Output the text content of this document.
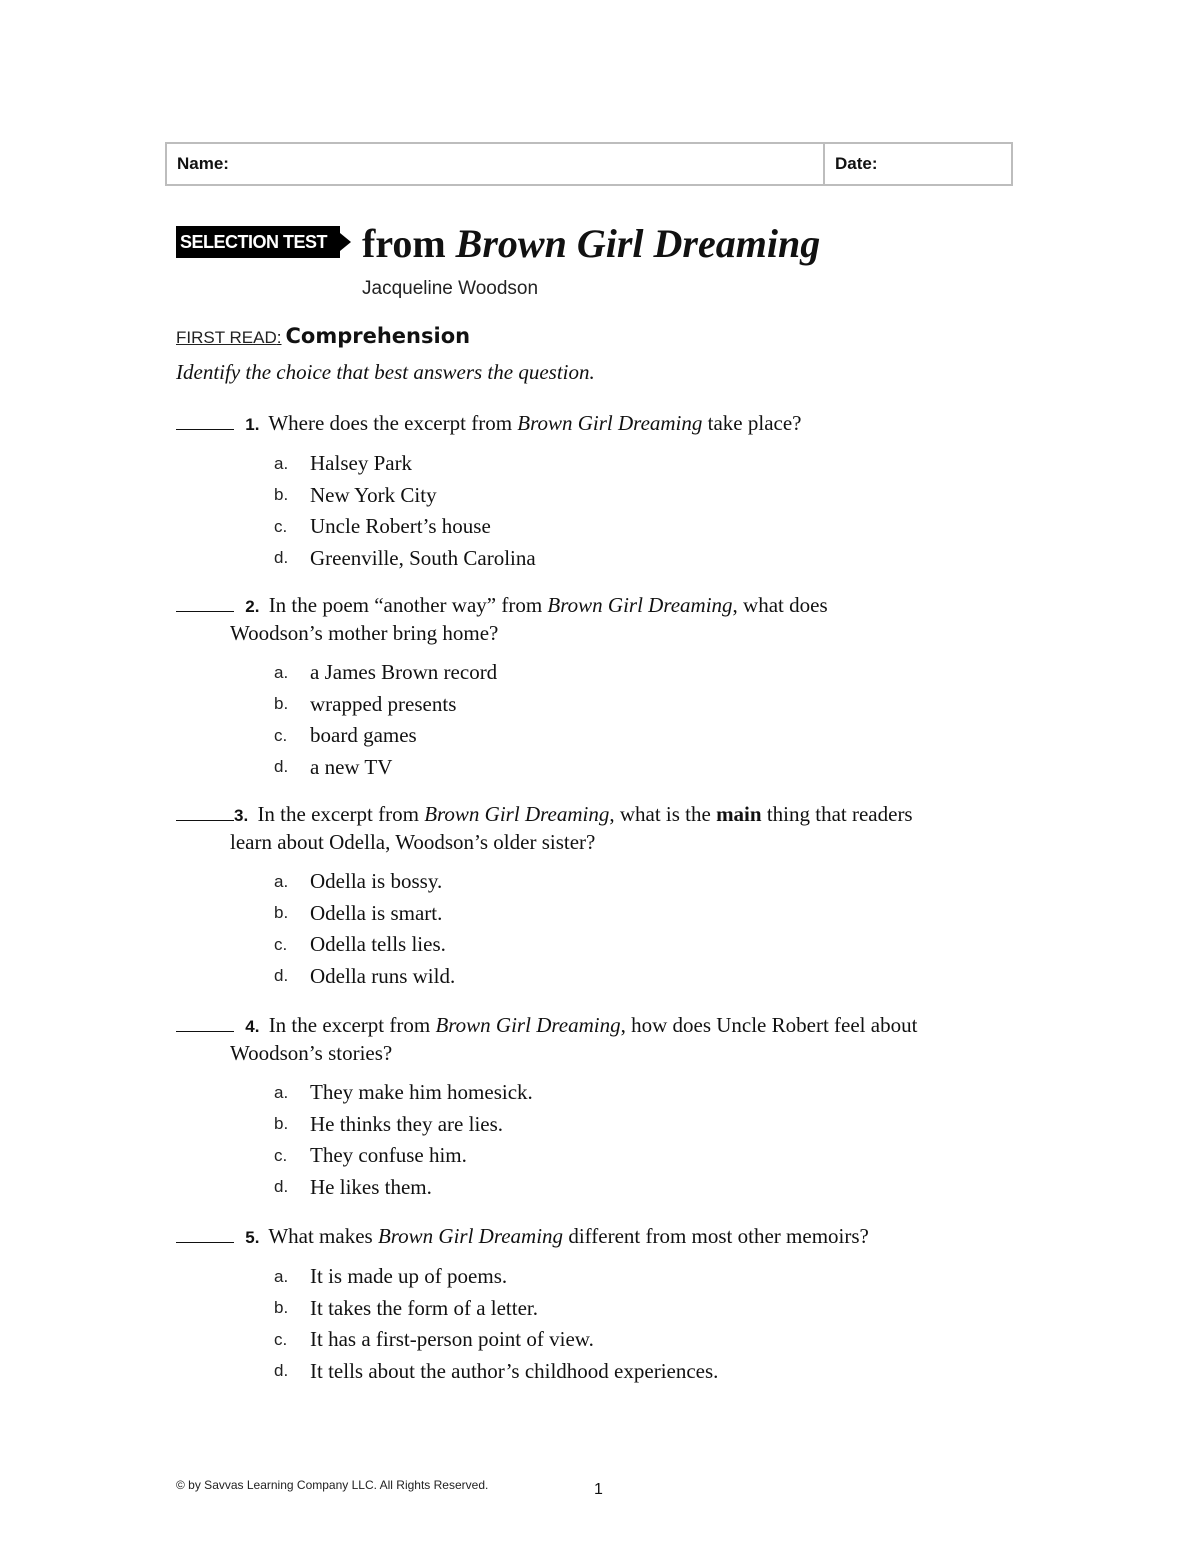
Name:	Date:
SELECTION TEST from Brown Girl Dreaming
Jacqueline Woodson
FIRST READ: Comprehension
Identify the choice that best answers the question.
1. Where does the excerpt from Brown Girl Dreaming take place?
a.	Halsey Park
b.	New York City
c.	Uncle Robert’s house
d.	Greenville, South Carolina
2. In the poem “another way” from Brown Girl Dreaming, what does
Woodson’s mother bring home?
a.	a James Brown record
b.	wrapped presents
c.	board games
d.	a new TV
3. In the excerpt from Brown Girl Dreaming, what is the main thing that readers
learn about Odella, Woodson’s older sister?
a.	Odella is bossy.
b.	Odella is smart.
c.	Odella tells lies.
d.	Odella runs wild.
4. In the excerpt from Brown Girl Dreaming, how does Uncle Robert feel about
Woodson’s stories?
a.	They make him homesick.
b.	He thinks they are lies.
c.	They confuse him.
d.	He likes them.
5. What makes Brown Girl Dreaming different from most other memoirs?
a.	It is made up of poems.
b.	It takes the form of a letter.
c.	It has a first-person point of view.
d.	It tells about the author’s childhood experiences.
© by Savvas Learning Company LLC. All Rights Reserved.	1
